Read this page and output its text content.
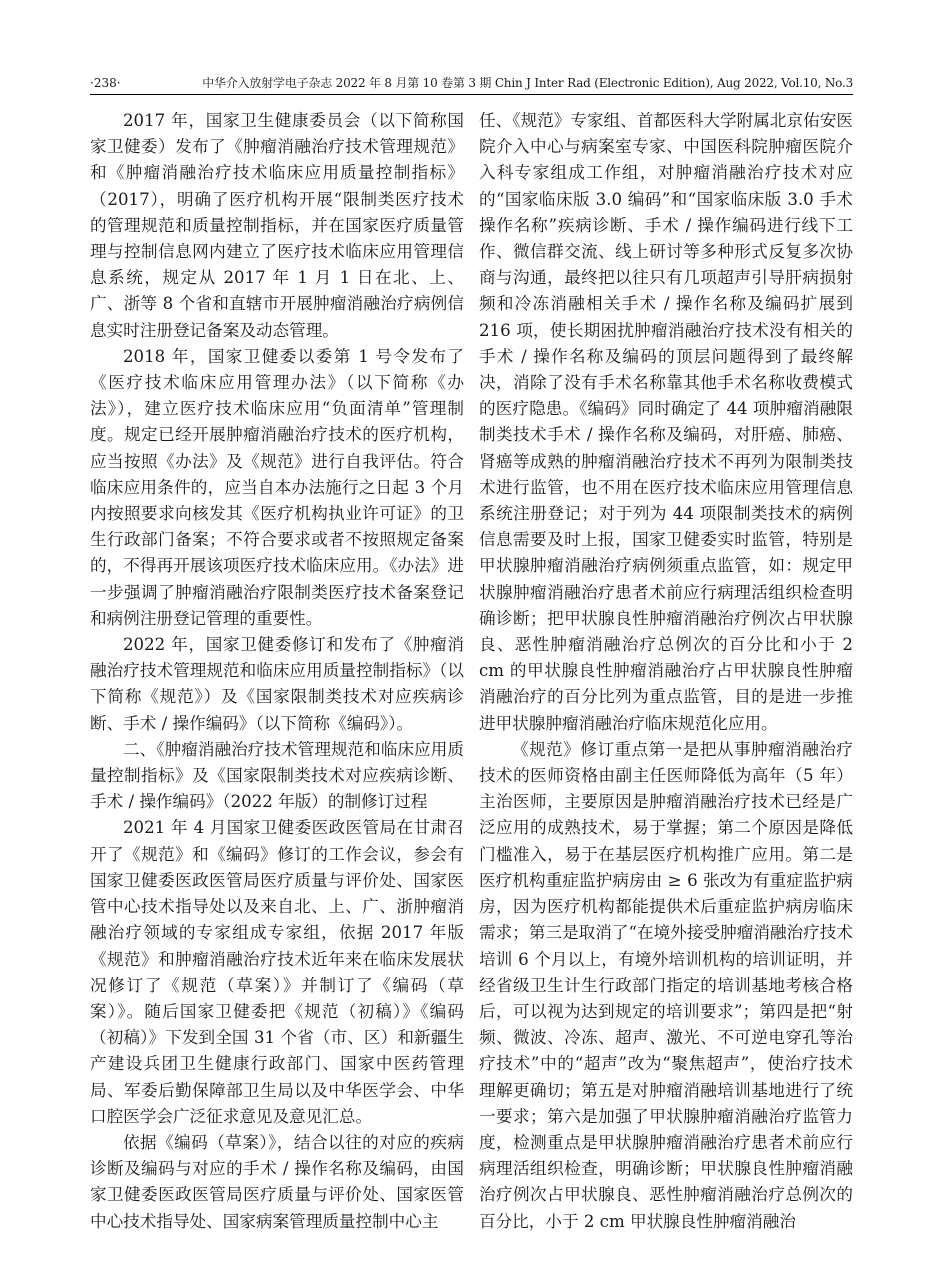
·238·	中华介入放射学电子杂志 2022 年 8 月第 10 卷第 3 期 Chin J Inter Rad (Electronic Edition), Aug 2022, Vol.10, No.3

2017 年，国家卫生健康委员会（以下简称国家卫健委）发布了《肿瘤消融治疗技术管理规范》和《肿瘤消融治疗技术临床应用质量控制指标》（2017），明确了医疗机构开展“限制类医疗技术的管理规范和质量控制指标，并在国家医疗质量管理与控制信息网内建立了医疗技术临床应用管理信息系统，规定从 2017 年 1 月 1 日在北、上、广、浙等 8 个省和直辖市开展肿瘤消融治疗病例信息实时注册登记备案及动态管理。

2018 年，国家卫健委以委第 1 号令发布了《医疗技术临床应用管理办法》（以下简称《办法》），建立医疗技术临床应用“负面清单”管理制度。规定已经开展肿瘤消融治疗技术的医疗机构，应当按照《办法》及《规范》进行自我评估。符合临床应用条件的，应当自本办法施行之日起 3 个月内按照要求向核发其《医疗机构执业许可证》的卫生行政部门备案；不符合要求或者不按照规定备案的，不得再开展该项医疗技术临床应用。《办法》进一步强调了肿瘤消融治疗限制类医疗技术备案登记和病例注册登记管理的重要性。

2022 年，国家卫健委修订和发布了《肿瘤消融治疗技术管理规范和临床应用质量控制指标》（以下简称《规范》）及《国家限制类技术对应疾病诊断、手术 / 操作编码》（以下简称《编码》）。

二、《肿瘤消融治疗技术管理规范和临床应用质量控制指标》及《国家限制类技术对应疾病诊断、手术 / 操作编码》（2022 年版）的制修订过程

2021 年 4 月国家卫健委医政医管局在甘肃召开了《规范》和《编码》修订的工作会议，参会有国家卫健委医政医管局医疗质量与评价处、国家医管中心技术指导处以及来自北、上、广、浙肿瘤消融治疗领域的专家组成专家组，依据 2017 年版《规范》和肿瘤消融治疗技术近年来在临床发展状况修订了《规范（草案）》并制订了《编码（草案）》。随后国家卫健委把《规范（初稿）》《编码（初稿）》下发到全国 31 个省（市、区）和新疆生产建设兵团卫生健康行政部门、国家中医药管理局、军委后勤保障部卫生局以及中华医学会、中华口腔医学会广泛征求意见及意见汇总。

依据《编码（草案）》，结合以往的对应的疾病诊断及编码与对应的手术 / 操作名称及编码，由国家卫健委医政医管局医疗质量与评价处、国家医管中心技术指导处、国家病案管理质量控制中心主

任、《规范》专家组、首都医科大学附属北京佑安医院介入中心与病案室专家、中国医科院肿瘤医院介入科专家组成工作组，对肿瘤消融治疗技术对应的“国家临床版 3.0 编码”和“国家临床版 3.0 手术操作名称”疾病诊断、手术 / 操作编码进行线下工作、微信群交流、线上研讨等多种形式反复多次协商与沟通，最终把以往只有几项超声引导肝病损射频和冷冻消融相关手术 / 操作名称及编码扩展到 216 项，使长期困扰肿瘤消融治疗技术没有相关的手术 / 操作名称及编码的顶层问题得到了最终解决，消除了没有手术名称靠其他手术名称收费模式的医疗隐患。《编码》同时确定了 44 项肿瘤消融限制类技术手术 / 操作名称及编码，对肝癌、肺癌、肾癌等成熟的肿瘤消融治疗技术不再列为限制类技术进行监管，也不用在医疗技术临床应用管理信息系统注册登记；对于列为 44 项限制类技术的病例信息需要及时上报，国家卫健委实时监管，特别是甲状腺肿瘤消融治疗病例须重点监管，如：规定甲状腺肿瘤消融治疗患者术前应行病理活组织检查明确诊断；把甲状腺良性肿瘤消融治疗例次占甲状腺良、恶性肿瘤消融治疗总例次的百分比和小于 2 cm 的甲状腺良性肿瘤消融治疗占甲状腺良性肿瘤消融治疗的百分比列为重点监管，目的是进一步推进甲状腺肿瘤消融治疗临床规范化应用。

《规范》修订重点第一是把从事肿瘤消融治疗技术的医师资格由副主任医师降低为高年（5 年）主治医师，主要原因是肿瘤消融治疗技术已经是广泛应用的成熟技术，易于掌握；第二个原因是降低门槛准入，易于在基层医疗机构推广应用。第二是医疗机构重症监护病房由 ≥ 6 张改为有重症监护病房，因为医疗机构都能提供术后重症监护病房临床需求；第三是取消了“在境外接受肿瘤消融治疗技术培训 6 个月以上，有境外培训机构的培训证明，并经省级卫生计生行政部门指定的培训基地考核合格后，可以视为达到规定的培训要求”；第四是把“射频、微波、冷冻、超声、激光、不可逆电穿孔等治疗技术”中的“超声”改为“聚焦超声”，使治疗技术理解更确切；第五是对肿瘤消融培训基地进行了统一要求；第六是加强了甲状腺肿瘤消融治疗监管力度，检测重点是甲状腺肿瘤消融治疗患者术前应行病理活组织检查，明确诊断；甲状腺良性肿瘤消融治疗例次占甲状腺良、恶性肿瘤消融治疗总例次的百分比，小于 2 cm 甲状腺良性肿瘤消融治
